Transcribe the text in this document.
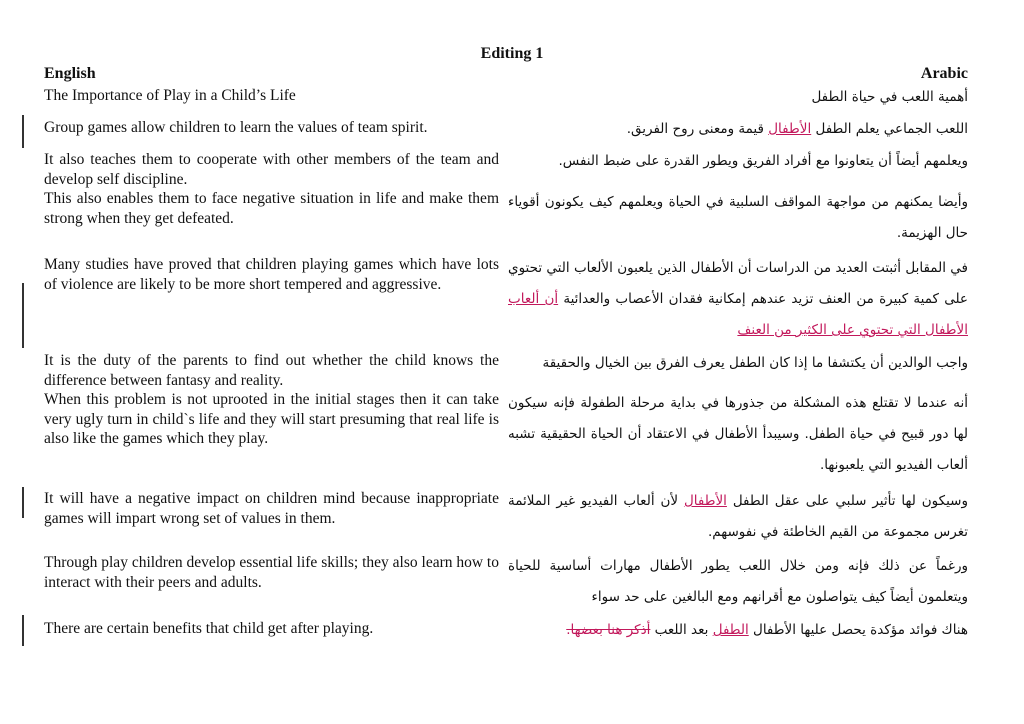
Editing 1
English	Arabic

The Importance of Play in a Child’s Life

Group games allow children to learn the values of team spirit.

It also teaches them to cooperate with other members of the team and develop self discipline.

This also enables them to face negative situation in life and make them strong when they get defeated.

Many studies have proved that children playing games which have lots of violence are likely to be more short tempered and aggressive.

It is the duty of the parents to find out whether the child knows the difference between fantasy and reality.

When this problem is not uprooted in the initial stages then it can take very ugly turn in child`s life and they will start presuming that real life is also like the games which they play.

It will have a negative impact on children mind because inappropriate games will impart wrong set of values in them.

Through play children develop essential life skills; they also learn how to interact with their peers and adults.

There are certain benefits that child get after playing.

أهمية اللعب في حياة الطفل

اللعب الجماعي يعلم الطفل الأطفال قيمة ومعنى روح الفريق.

ويعلمهم أيضاً أن يتعاونوا مع أفراد الفريق ويطور القدرة على ضبط النفس.

وأيضا يمكنهم من مواجهة المواقف السلبية في الحياة ويعلمهم كيف يكونون أقوياء حال الهزيمة.

في المقابل أثبتت العديد من الدراسات أن الأطفال الذين يلعبون الألعاب التي تحتوي على كمية كبيرة من العنف تزيد عندهم إمكانية فقدان الأعصاب والعدائية أن ألعاب الأطفال التي تحتوي على الكثير من العنف

واجب الوالدين أن يكتشفا ما إذا كان الطفل يعرف الفرق بين الخيال والحقيقة

أنه عندما لا تقتلع هذه المشكلة من جذورها في بداية مرحلة الطفولة فإنه سيكون لها دور قبيح في حياة الطفل. وسيبدأ الأطفال في الاعتقاد أن الحياة الحقيقية تشبه ألعاب الفيديو التي يلعبونها.

وسيكون لها تأثير سلبي على عقل الطفل الأطفال لأن ألعاب الفيديو غير الملائمة تغرس مجموعة من القيم الخاطئة في نفوسهم.

ورغماً عن ذلك فإنه ومن خلال اللعب يطور الأطفال مهارات أساسية للحياة ويتعلمون أيضاً كيف يتواصلون مع أقرانهم ومع البالغين على حد سواء

هناك فوائد مؤكدة يحصل عليها الأطفال الطفل بعد اللعب أذكر هنا بعضها.
